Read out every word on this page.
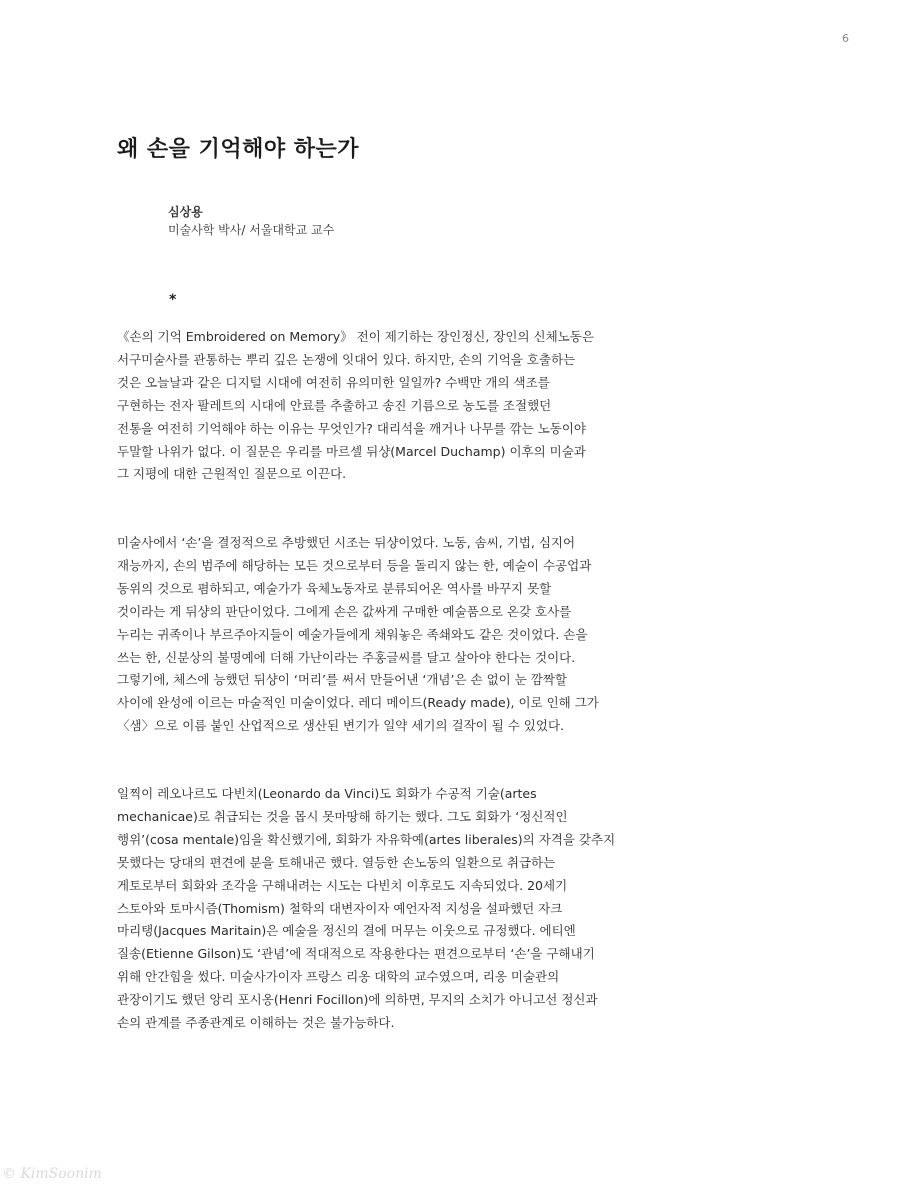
6
왜 손을 기억해야 하는가
심상용
미술사학 박사/ 서울대학교 교수
*
《손의 기억 Embroidered on Memory》 전이 제기하는 장인정신, 장인의 신체노동은
서구미술사를 관통하는 뿌리 깊은 논쟁에 잇대어 있다. 하지만, 손의 기억을 호출하는
것은 오늘날과 같은 디지털 시대에 여전히 유의미한 일일까? 수백만 개의 색조를
구현하는 전자 팔레트의 시대에 안료를 추출하고 송진 기름으로 농도를 조절했던
전통을 여전히 기억해야 하는 이유는 무엇인가? 대리석을 깨거나 나무를 깎는 노동이야
두말할 나위가 없다. 이 질문은 우리를 마르셀 뒤샹(Marcel Duchamp) 이후의 미술과
그 지평에 대한 근원적인 질문으로 이끈다.
미술사에서 ‘손’을 결정적으로 추방했던 시조는 뒤샹이었다. 노동, 솜씨, 기법, 심지어
재능까지, 손의 범주에 해당하는 모든 것으로부터 등을 돌리지 않는 한, 예술이 수공업과
동위의 것으로 폄하되고, 예술가가 육체노동자로 분류되어온 역사를 바꾸지 못할
것이라는 게 뒤샹의 판단이었다. 그에게 손은 값싸게 구매한 예술품으로 온갖 호사를
누리는 귀족이나 부르주아지들이 예술가들에게 채워놓은 족쇄와도 같은 것이었다. 손을
쓰는 한, 신분상의 불명예에 더해 가난이라는 주홍글씨를 달고 살아야 한다는 것이다.
그렇기에, 체스에 능했던 뒤샹이 ‘머리’를 써서 만들어낸 ‘개념’은 손 없이 눈 깜짝할
사이에 완성에 이르는 마술적인 미술이었다. 레디 메이드(Ready made), 이로 인해 그가
〈샘〉으로 이름 붙인 산업적으로 생산된 변기가 일약 세기의 걸작이 될 수 있었다.
일찍이 레오나르도 다빈치(Leonardo da Vinci)도 회화가 수공적 기술(artes
mechanicae)로 취급되는 것을 몹시 못마땅해 하기는 했다. 그도 회화가 ‘정신적인
행위’(cosa mentale)임을 확신했기에, 회화가 자유학예(artes liberales)의 자격을 갖추지
못했다는 당대의 편견에 분을 토해내곤 했다. 열등한 손노동의 일환으로 취급하는
게토로부터 회화와 조각을 구해내려는 시도는 다빈치 이후로도 지속되었다. 20세기
스토아와 토마시즘(Thomism) 철학의 대변자이자 예언자적 지성을 설파했던 자크
마리탱(Jacques Maritain)은 예술을 정신의 결에 머무는 이웃으로 규정했다. 에티엔
질송(Etienne Gilson)도 ‘관념’에 적대적으로 작용한다는 편견으로부터 ‘손’을 구해내기
위해 안간힘을 썼다. 미술사가이자 프랑스 리옹 대학의 교수였으며, 리옹 미술관의
관장이기도 했던 앙리 포시옹(Henri Focillon)에 의하면, 무지의 소치가 아니고선 정신과
손의 관계를 주종관계로 이해하는 것은 불가능하다.
© KimSoonim
